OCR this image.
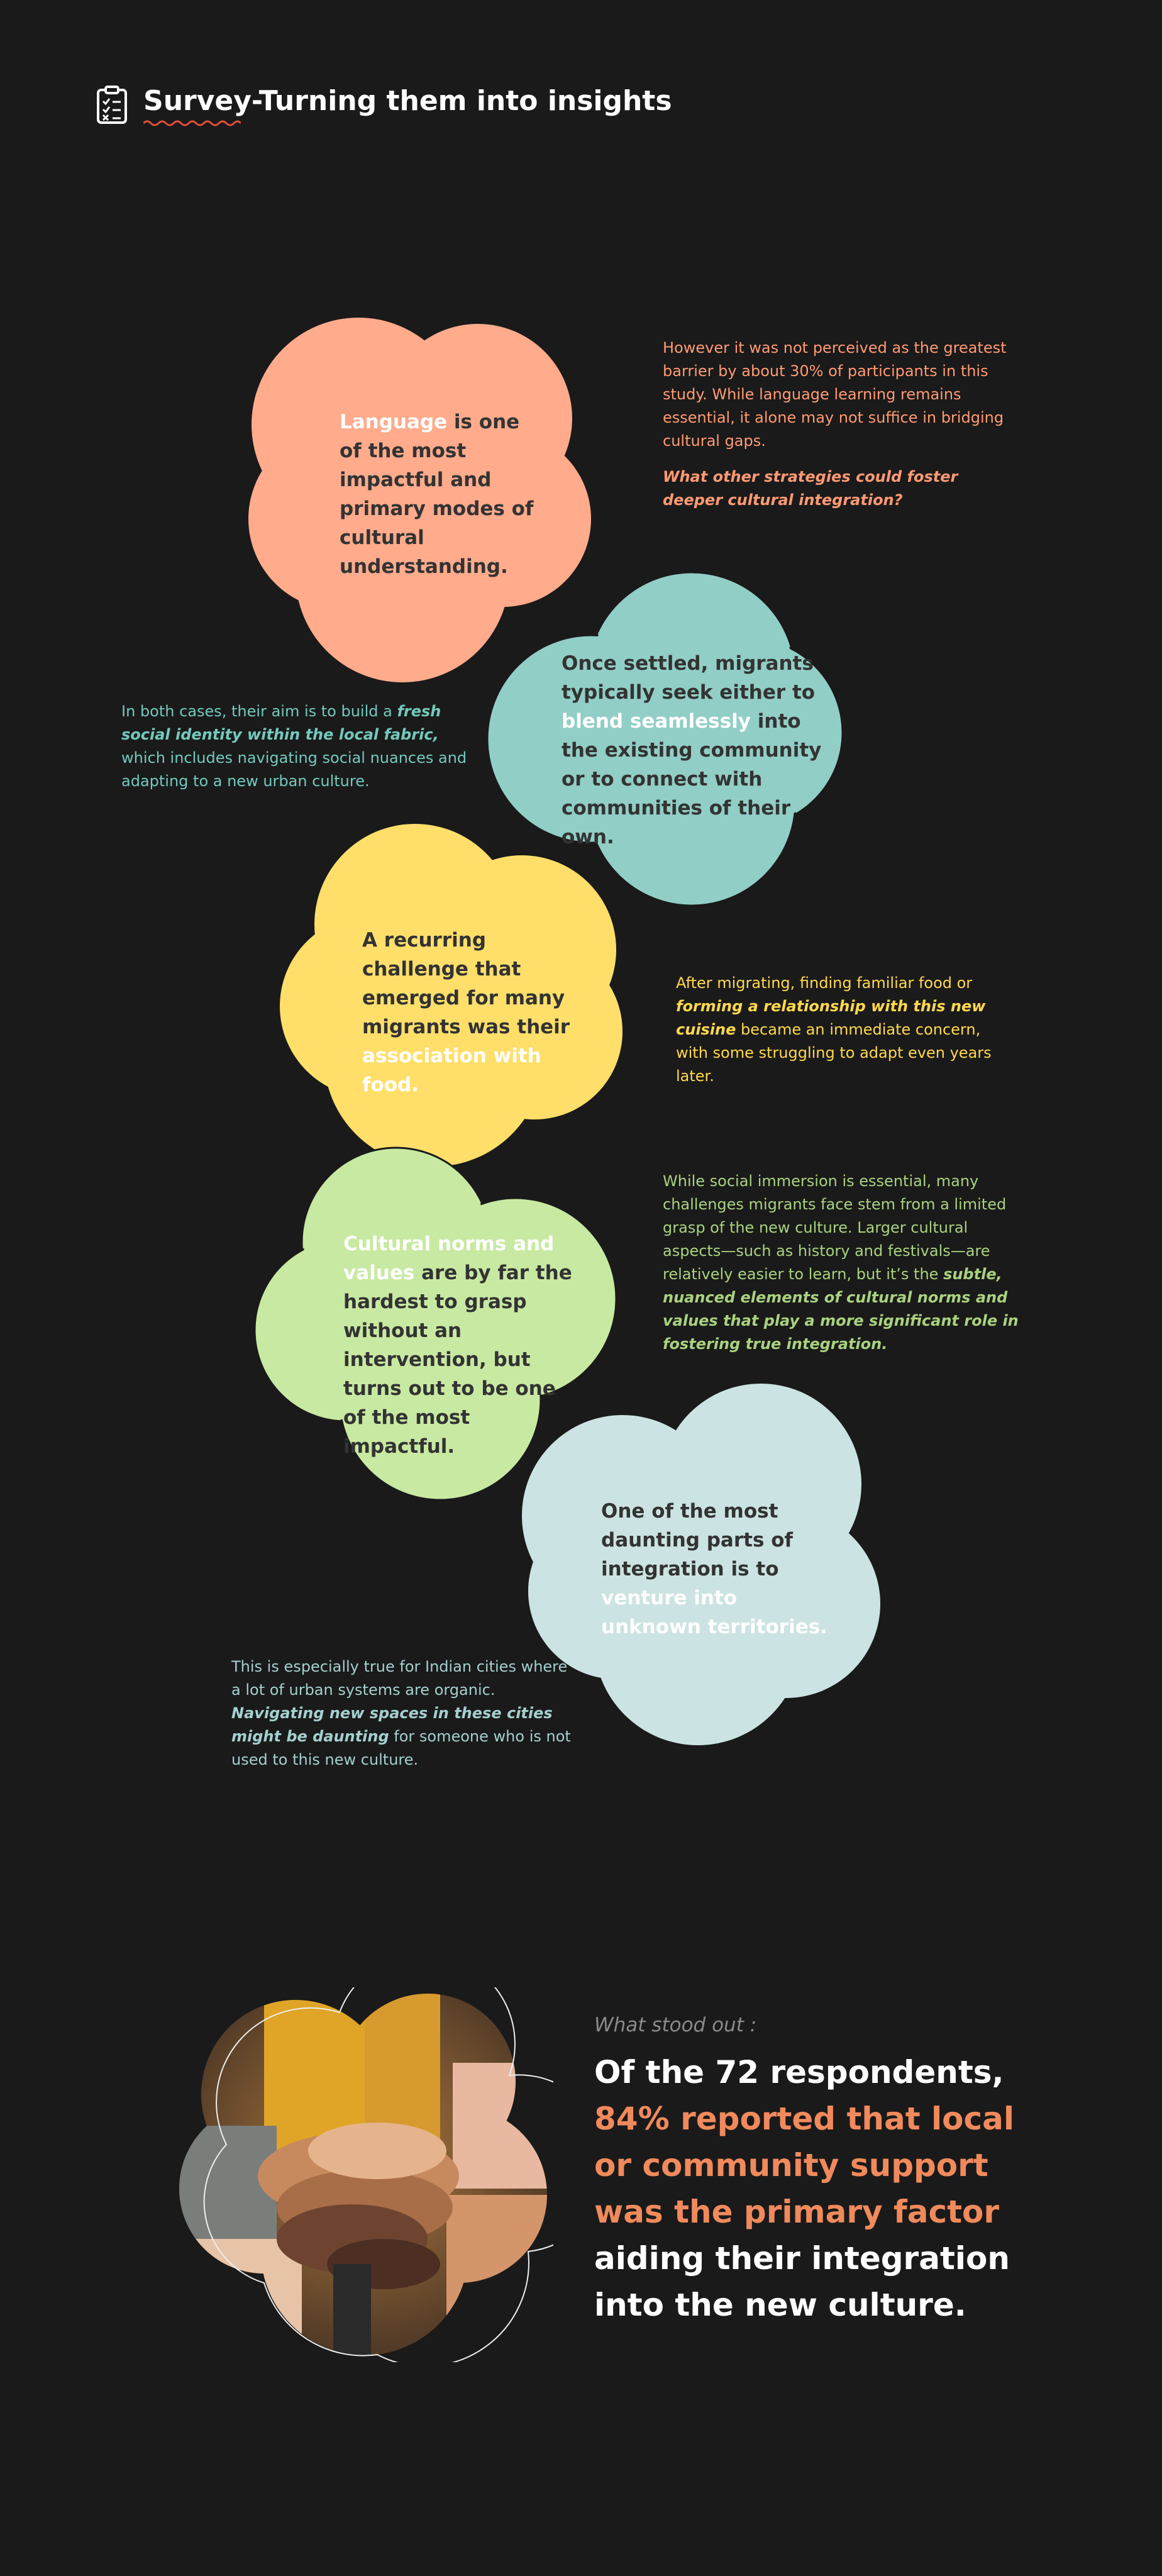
Survey-Turning them into insights
Language is one of the most impactful and primary modes of cultural understanding.
Once settled, migrants typically seek either to blend seamlessly into the existing community or to connect with communities of their own.
A recurring challenge that emerged for many migrants was their association with food.
Cultural norms and values are by far the hardest to grasp without an intervention, but turns out to be one of the most impactful.
One of the most daunting parts of integration is to venture into unknown territories.
However it was not perceived as the greatest barrier by about 30% of participants in this study. While language learning remains essential, it alone may not suffice in bridging cultural gaps.
What other strategies could foster deeper cultural integration?
In both cases, their aim is to build a fresh social identity within the local fabric, which includes navigating social nuances and adapting to a new urban culture.
After migrating, finding familiar food or forming a relationship with this new cuisine became an immediate concern, with some struggling to adapt even years later.
While social immersion is essential, many challenges migrants face stem from a limited grasp of the new culture. Larger cultural aspects—such as history and festivals—are relatively easier to learn, but it’s the subtle, nuanced elements of cultural norms and values that play a more significant role in fostering true integration.
This is especially true for Indian cities where a lot of urban systems are organic. Navigating new spaces in these cities might be daunting for someone who is not used to this new culture.
What stood out :
Of the 72 respondents,
84% reported that local or community support was the primary factor
aiding their integration into the new culture.
